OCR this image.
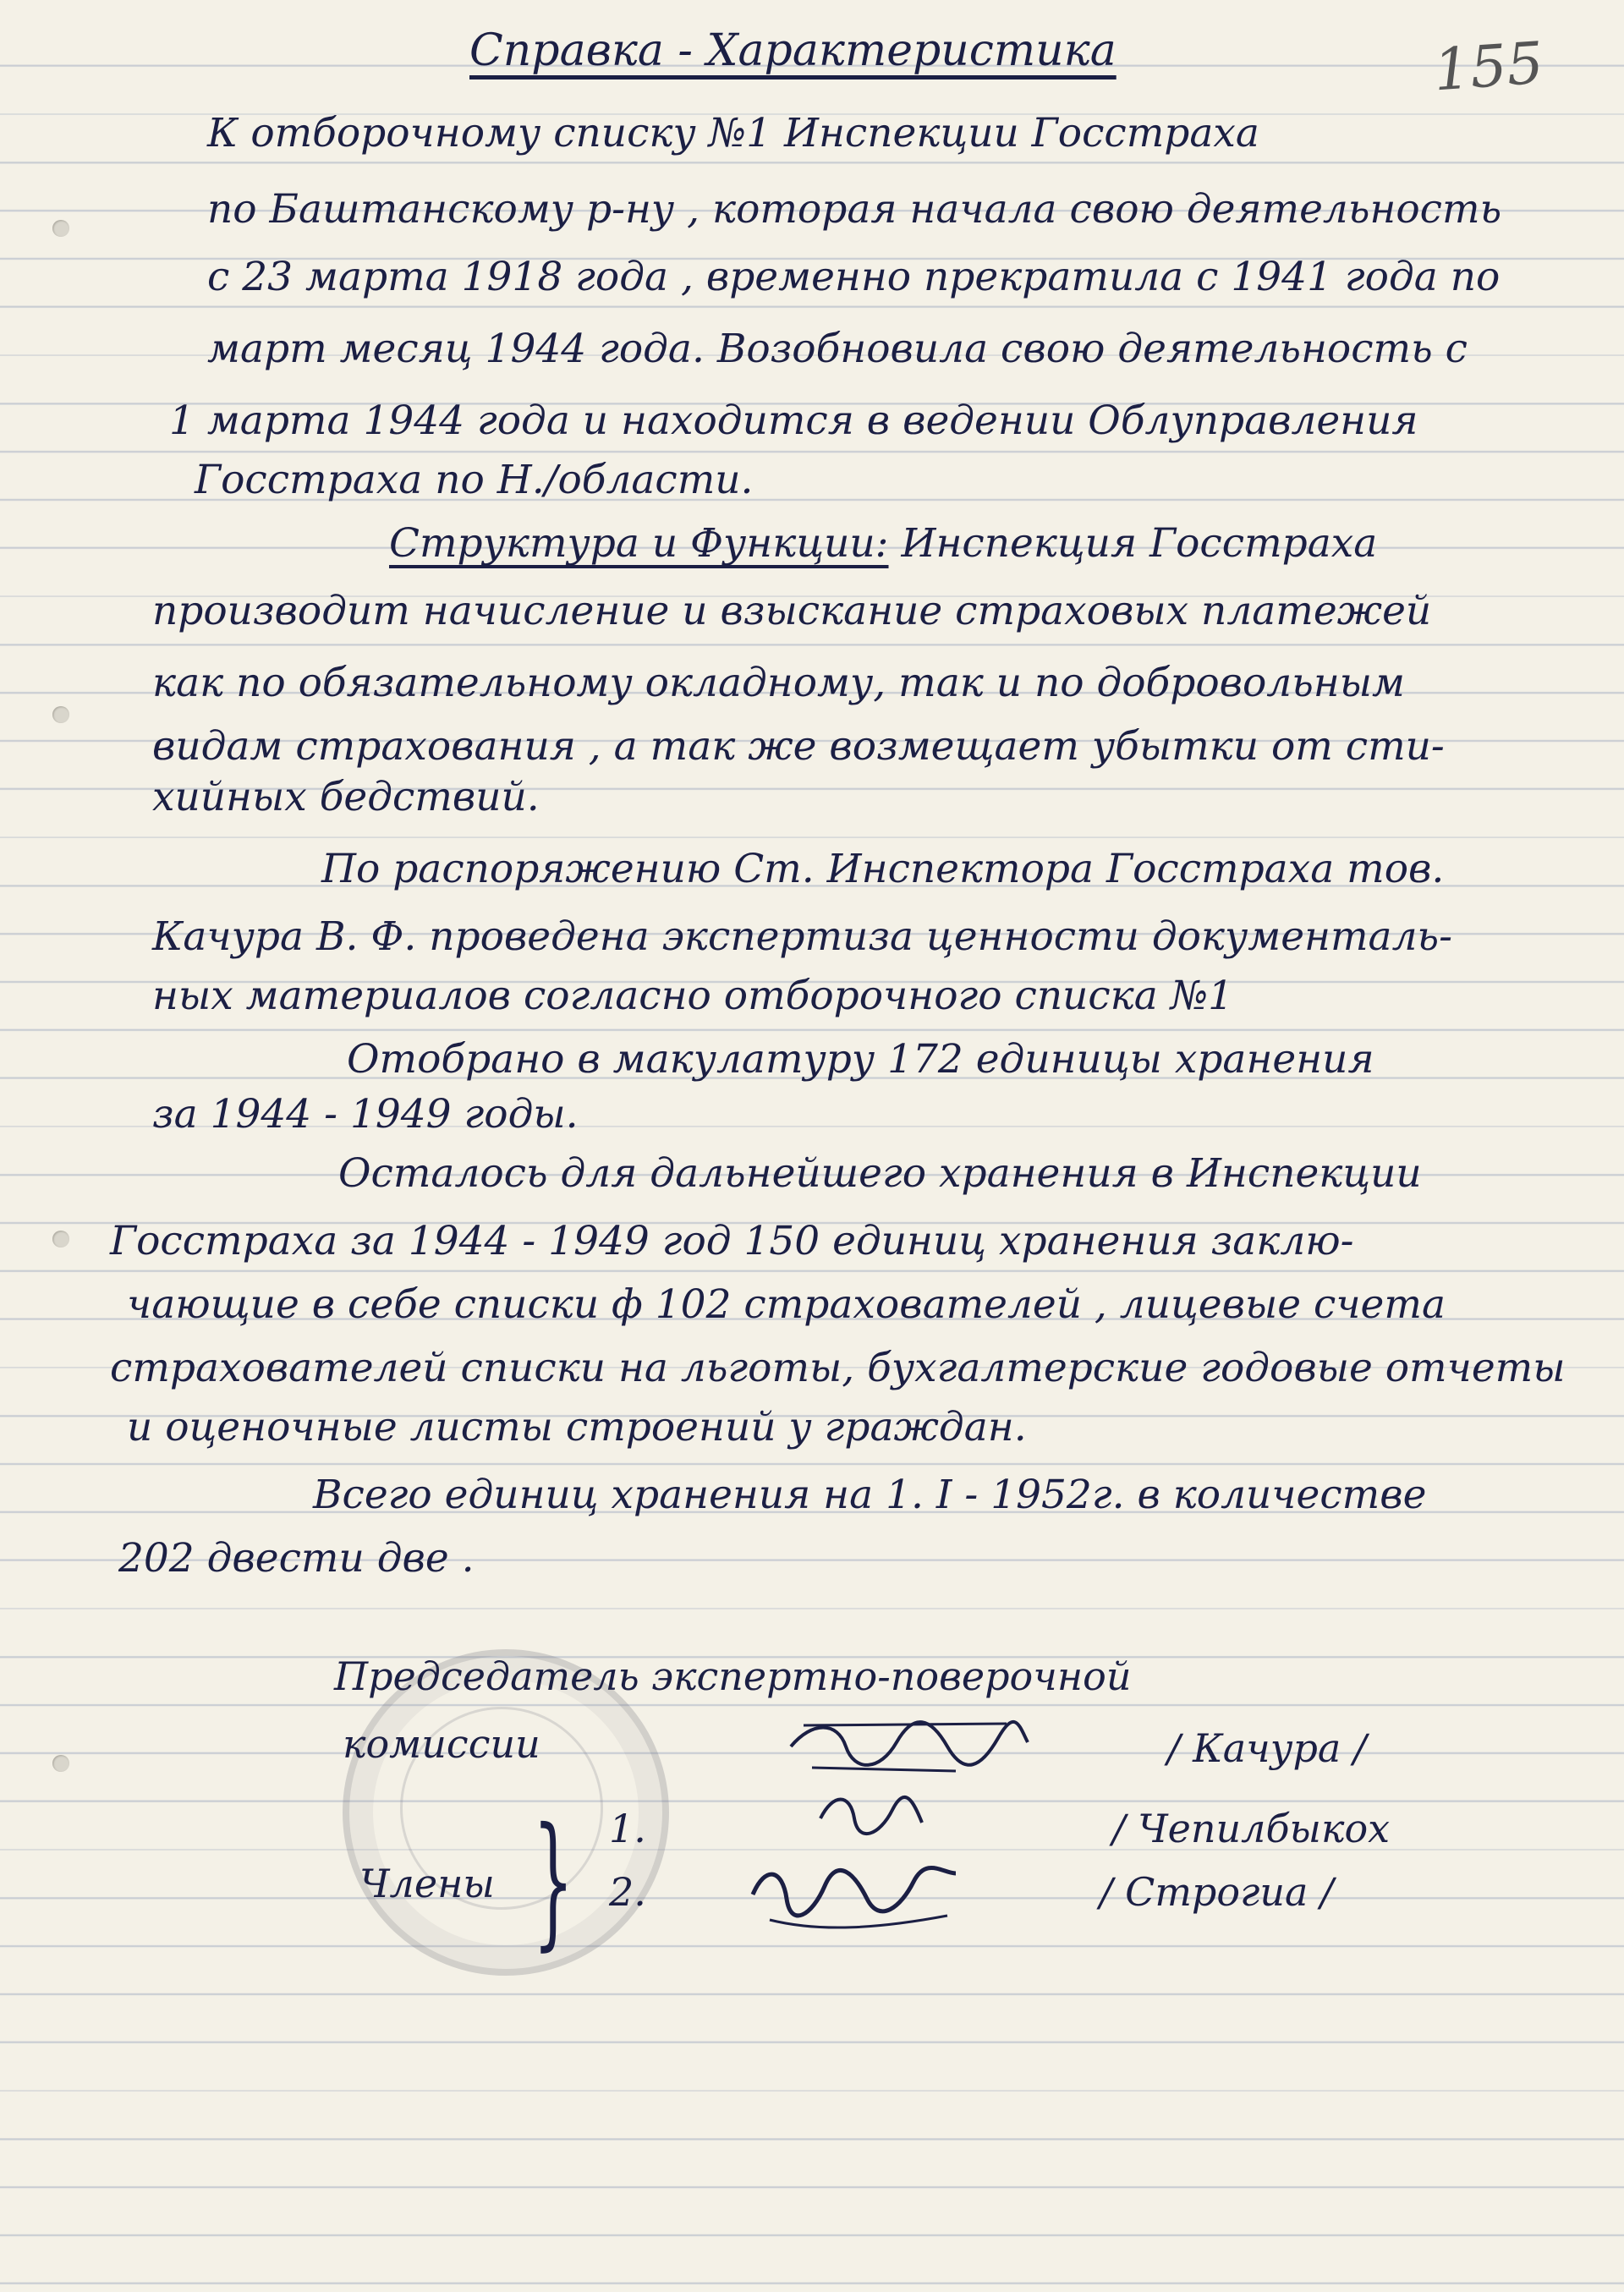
155
Справка - Характеристика
К отборочному списку №1 Инспекции Госстраха
по Баштанскому р-ну , которая начала свою деятельность
с 23 марта 1918 года , временно прекратила с 1941 года по
март месяц 1944 года. Возобновила свою деятельность с
1 марта 1944 года и находится в ведении Облуправления
Госстраха по Н./области.
Структура и Функции: Инспекция Госстраха
производит начисление и взыскание страховых платежей
как по обязательному окладному, так и по добровольным
видам страхования , а так же возмещает убытки от сти-
хийных бедствий.
По распоряжению Ст. Инспектора Госстраха тов.
Качура В. Ф. проведена экспертиза ценности документаль-
ных материалов согласно отборочного списка №1
Отобрано в макулатуру 172 единицы хранения
за 1944 - 1949 годы.
Осталось для дальнейшего хранения в Инспекции
Госстраха за 1944 - 1949 год 150 единиц хранения заклю-
чающие в себе списки ф 102 страхователей , лицевые счета
страхователей списки на льготы, бухгалтерские годовые отчеты
и оценочные листы строений у граждан.
Всего единиц хранения на 1. I - 1952г. в количестве
202 двести две .
Председатель экспертно-поверочной
комиссии	/ Качура /
}
Члены
1.	/ Чепилбыкох
2.	/ Строгиа /
